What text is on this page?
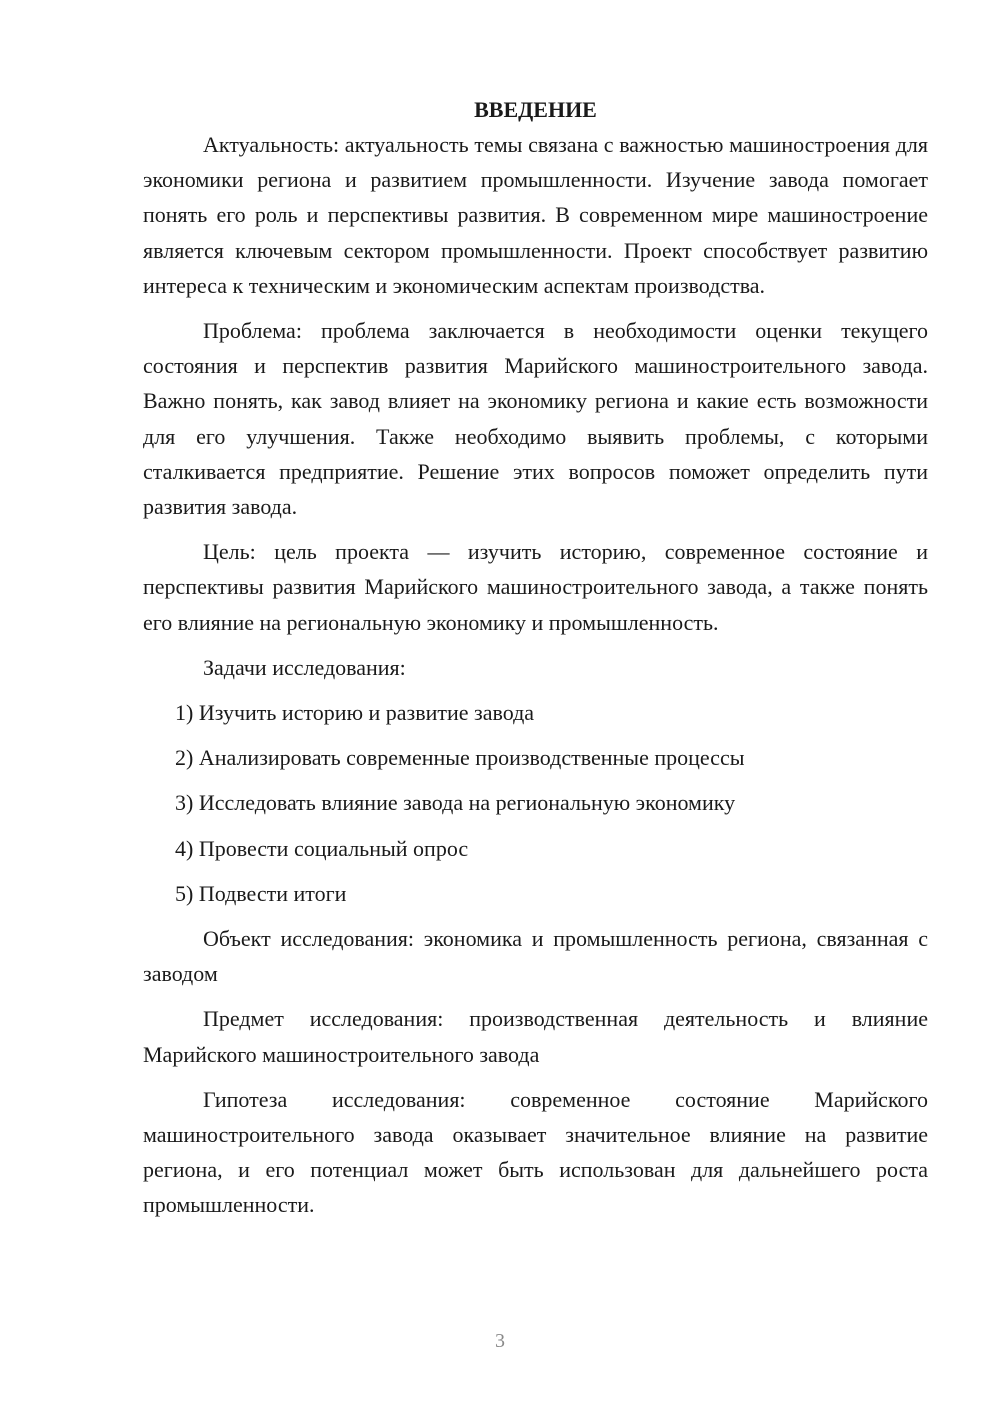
ВВЕДЕНИЕ

Актуальность: актуальность темы связана с важностью машиностроения для экономики региона и развитием промышленности. Изучение завода помогает понять его роль и перспективы развития. В современном мире машиностроение является ключевым сектором промышленности. Проект способствует развитию интереса к техническим и экономическим аспектам производства.

Проблема: проблема заключается в необходимости оценки текущего состояния и перспектив развития Марийского машиностроительного завода. Важно понять, как завод влияет на экономику региона и какие есть возможности для его улучшения. Также необходимо выявить проблемы, с которыми сталкивается предприятие. Решение этих вопросов поможет определить пути развития завода.

Цель: цель проекта — изучить историю, современное состояние и перспективы развития Марийского машиностроительного завода, а также понять его влияние на региональную экономику и промышленность.

Задачи исследования:

1) Изучить историю и развитие завода
2) Анализировать современные производственные процессы
3) Исследовать влияние завода на региональную экономику
4) Провести социальный опрос
5) Подвести итоги

Объект исследования: экономика и промышленность региона, связанная с заводом

Предмет исследования: производственная деятельность и влияние Марийского машиностроительного завода

Гипотеза исследования: современное состояние Марийского машиностроительного завода оказывает значительное влияние на развитие региона, и его потенциал может быть использован для дальнейшего роста промышленности.

3
